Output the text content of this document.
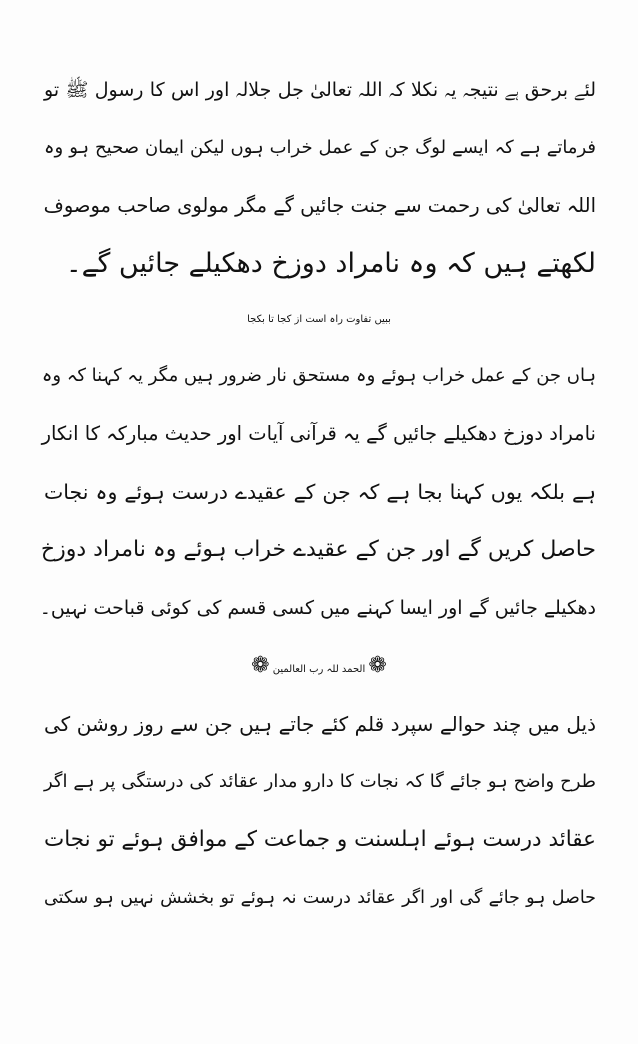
لئے برحق ہے نتیجہ یہ نکلا کہ اللہ تعالیٰ جل جلالہ اور اس کا رسول ﷺ تو
فرماتے ہے کہ ایسے لوگ جن کے عمل خراب ہوں لیکن ایمان صحیح ہو وہ
اللہ تعالیٰ کی رحمت سے جنت جائیں گے مگر مولوی صاحب موصوف
لکھتے ہیں کہ وہ نامراد دوزخ دھکیلے جائیں گے۔
ببیں تفاوت راہ است از کجا تا بکجا
ہاں جن کے عمل خراب ہوئے وہ مستحق نار ضرور ہیں مگر یہ کہنا کہ وہ
نامراد دوزخ دھکیلے جائیں گے یہ قرآنی آیات اور حدیث مبارکہ کا انکار
ہے بلکہ یوں کہنا بجا ہے کہ جن کے عقیدے درست ہوئے وہ نجات
حاصل کریں گے اور جن کے عقیدے خراب ہوئے وہ نامراد دوزخ
دھکیلے جائیں گے اور ایسا کہنے میں کسی قسم کی کوئی قباحت نہیں۔
❁ الحمد للہ رب العالمین ❁
ذیل میں چند حوالے سپرد قلم کئے جاتے ہیں جن سے روز روشن کی
طرح واضح ہو جائے گا کہ نجات کا دارو مدار عقائد کی درستگی پر ہے اگر
عقائد درست ہوئے اہلسنت و جماعت کے موافق ہوئے تو نجات
حاصل ہو جائے گی اور اگر عقائد درست نہ ہوئے تو بخشش نہیں ہو سکتی
